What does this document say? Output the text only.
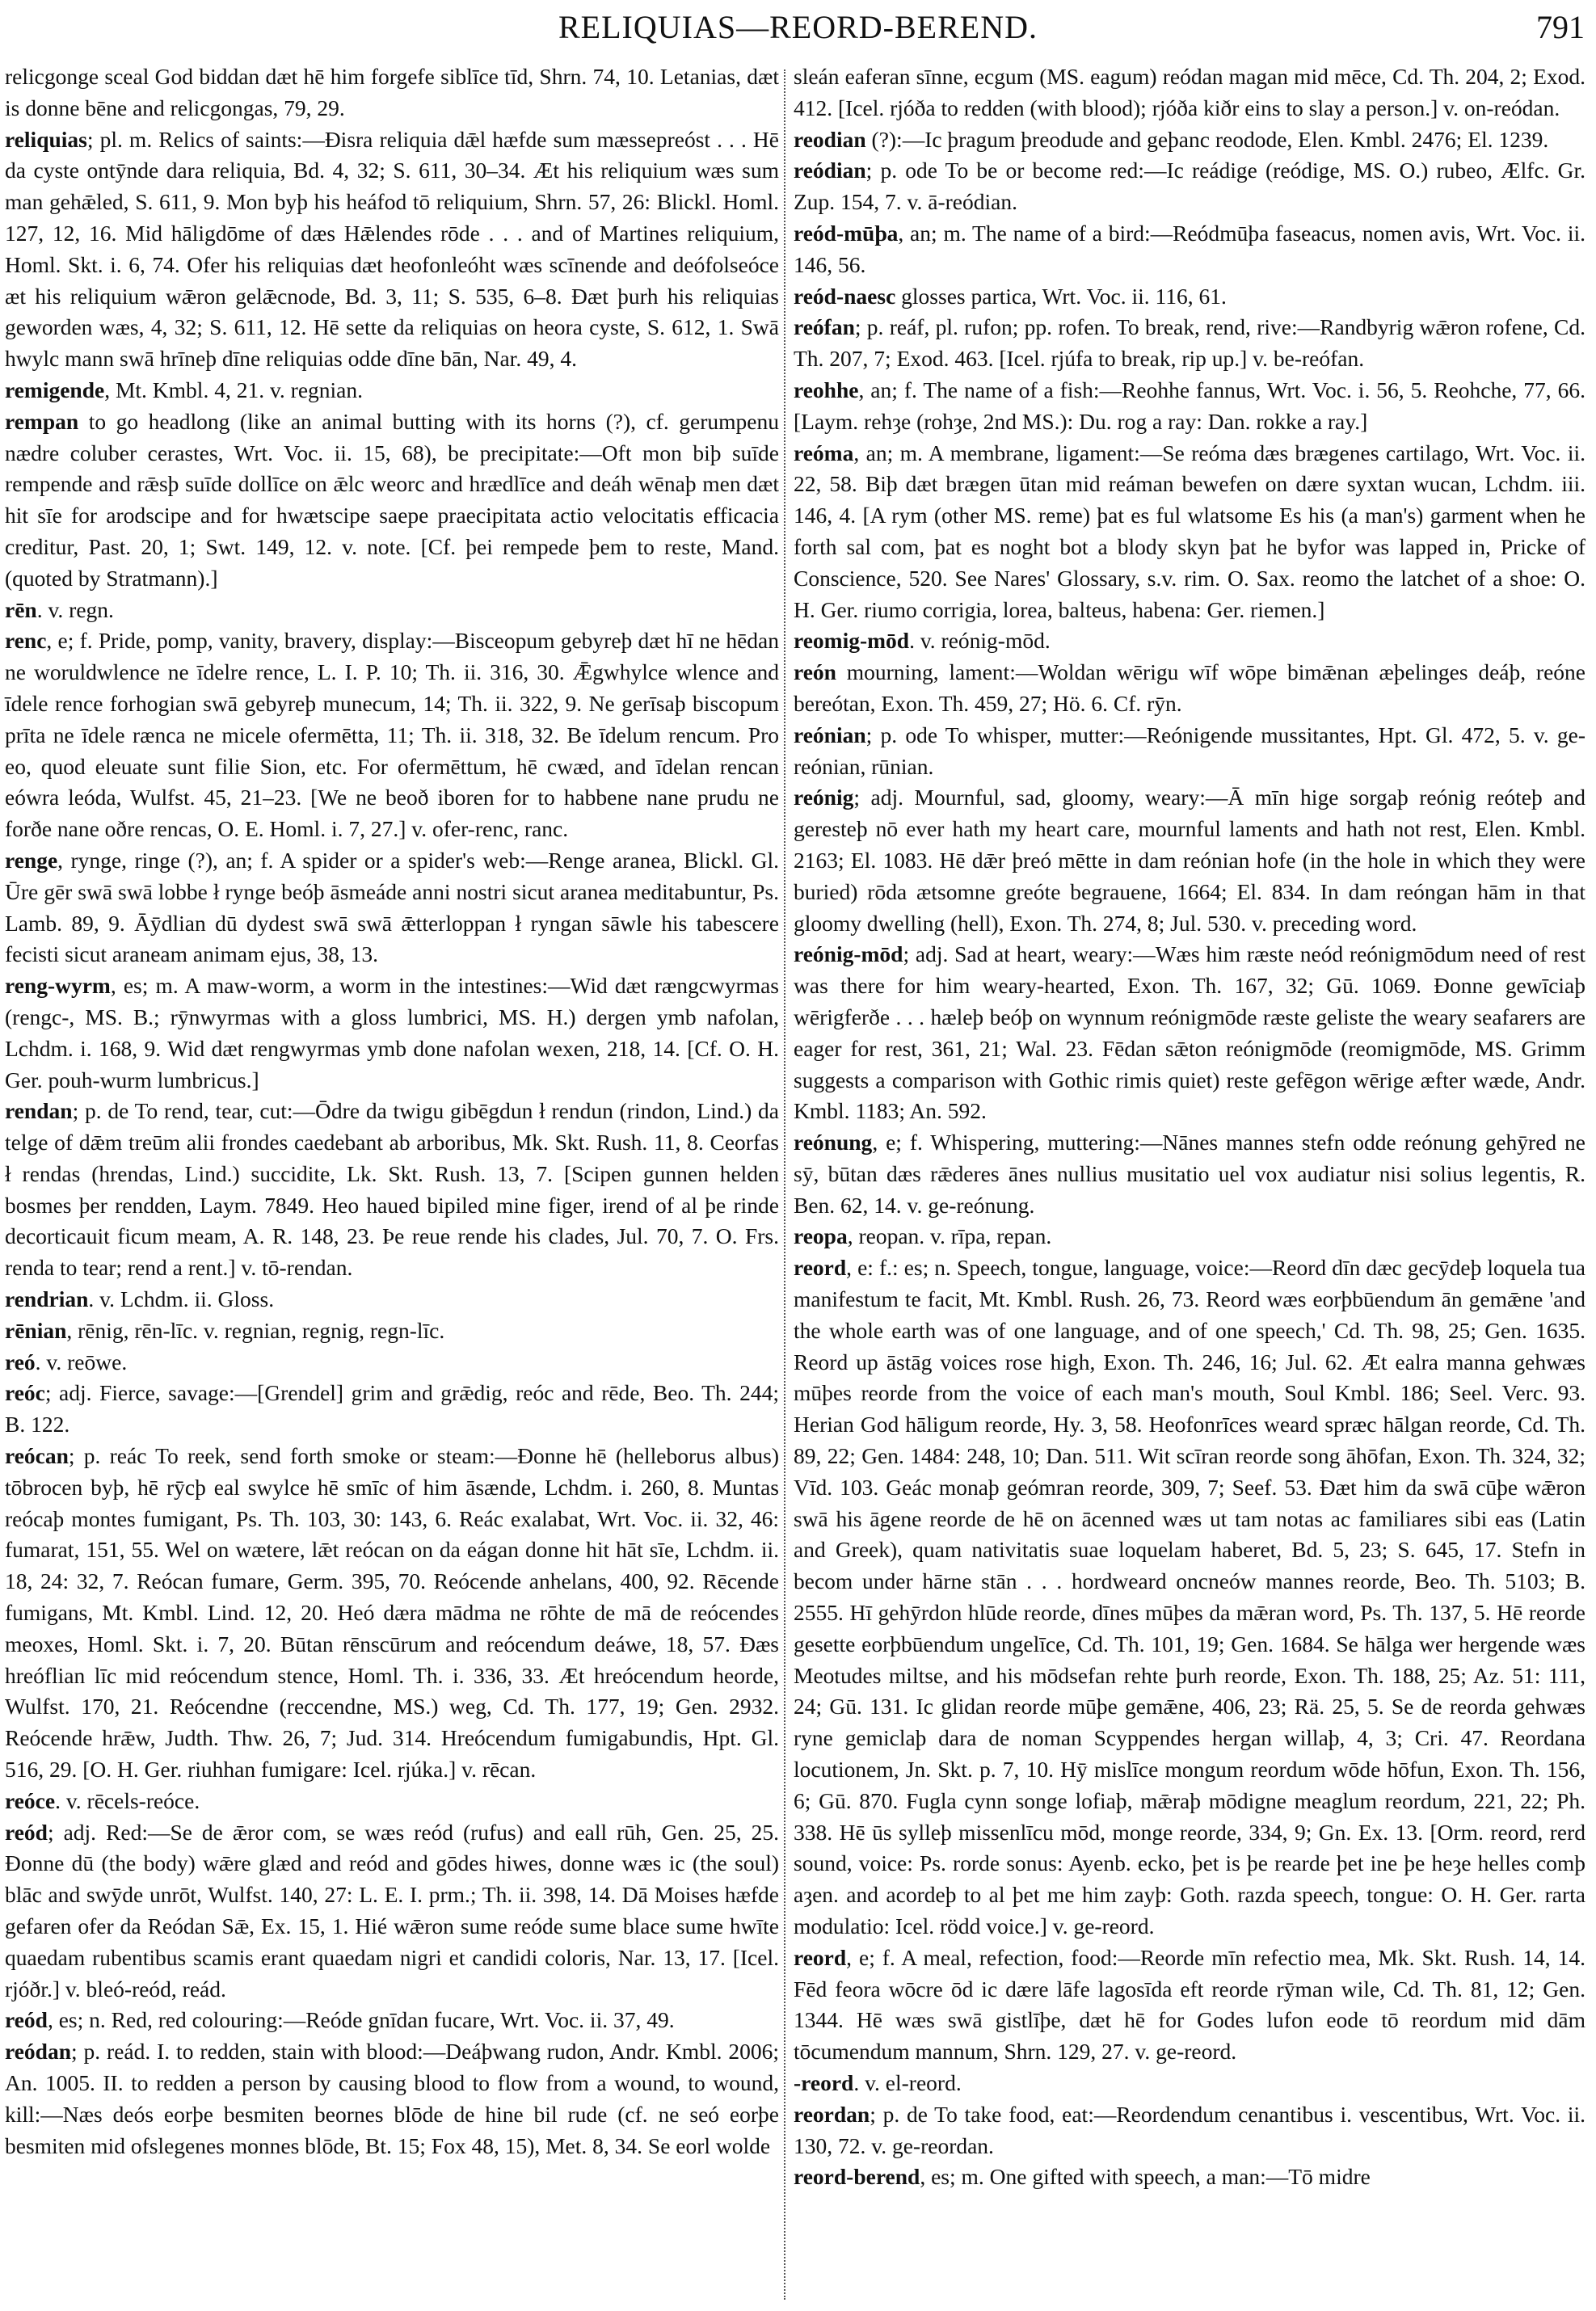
RELIQUIAS—REORD-BEREND.	791

relicgonge sceal God biddan dæt hē him forgefe siblīce tīd, Shrn. 74, 10. Letanias, dæt is donne bēne and relicgongas, 79, 29.

reliquias; pl. m. Relics of saints:—Ðisra reliquia dǣl hæfde sum mæssepreóst . . . Hē da cyste ontȳnde dara reliquia, Bd. 4, 32; S. 611, 30–34. Æt his reliquium wæs sum man gehǣled, S. 611, 9. Mon byþ his heáfod tō reliquium, Shrn. 57, 26: Blickl. Homl. 127, 12, 16. Mid hāligdōme of dæs Hǣlendes rōde . . . and of Martines reliquium, Homl. Skt. i. 6, 74. Ofer his reliquias dæt heofonleóht wæs scīnende and deófolseóce æt his reliquium wǣron gelǣcnode, Bd. 3, 11; S. 535, 6–8. Ðæt þurh his reliquias geworden wæs, 4, 32; S. 611, 12. Hē sette da reliquias on heora cyste, S. 612, 1. Swā hwylc mann swā hrīneþ dīne reliquias odde dīne bān, Nar. 49, 4.

remigende, Mt. Kmbl. 4, 21. v. regnian.

rempan to go headlong (like an animal butting with its horns (?), cf. gerumpenu nædre coluber cerastes, Wrt. Voc. ii. 15, 68), be precipitate:—Oft mon biþ suīde rempende and rǣsþ suīde dollīce on ǣlc weorc and hrædlīce and deáh wēnaþ men dæt hit sīe for arodscipe and for hwætscipe saepe praecipitata actio velocitatis efficacia creditur, Past. 20, 1; Swt. 149, 12. v. note. [Cf. þei rempede þem to reste, Mand. (quoted by Stratmann).]

rēn. v. regn.

renc, e; f. Pride, pomp, vanity, bravery, display:—Bisceopum gebyreþ dæt hī ne hēdan ne woruldwlence ne īdelre rence, L. I. P. 10; Th. ii. 316, 30. Ǣgwhylce wlence and īdele rence forhogian swā gebyreþ munecum, 14; Th. ii. 322, 9. Ne gerīsaþ biscopum prīta ne īdele rænca ne micele ofermētta, 11; Th. ii. 318, 32. Be īdelum rencum. Pro eo, quod eleuate sunt filie Sion, etc. For ofermēttum, hē cwæd, and īdelan rencan eówra leóda, Wulfst. 45, 21–23. [We ne beoð iboren for to habbene nane prudu ne forðe nane oðre rencas, O. E. Homl. i. 7, 27.] v. ofer-renc, ranc.

renge, rynge, ringe (?), an; f. A spider or a spider's web:—Renge aranea, Blickl. Gl. Ūre gēr swā swā lobbe ł rynge beóþ āsmeáde anni nostri sicut aranea meditabuntur, Ps. Lamb. 89, 9. Āȳdlian dū dydest swā swā ǣtterloppan ł ryngan sāwle his tabescere fecisti sicut araneam animam ejus, 38, 13.

reng-wyrm, es; m. A maw-worm, a worm in the intestines:—Wid dæt rængcwyrmas (rengc-, MS. B.; rȳnwyrmas with a gloss lumbrici, MS. H.) dergen ymb nafolan, Lchdm. i. 168, 9. Wid dæt rengwyrmas ymb done nafolan wexen, 218, 14. [Cf. O. H. Ger. pouh-wurm lumbricus.]

rendan; p. de To rend, tear, cut:—Ōdre da twigu gibēgdun ł rendun (rindon, Lind.) da telge of dǣm treūm alii frondes caedebant ab arboribus, Mk. Skt. Rush. 11, 8. Ceorfas ł rendas (hrendas, Lind.) succidite, Lk. Skt. Rush. 13, 7. [Scipen gunnen helden bosmes þer rendden, Laym. 7849. Heo haued bipiled mine figer, irend of al þe rinde decorticauit ficum meam, A. R. 148, 23. Þe reue rende his clades, Jul. 70, 7. O. Frs. renda to tear; rend a rent.] v. tō-rendan.

rendrian. v. Lchdm. ii. Gloss.

rēnian, rēnig, rēn-līc. v. regnian, regnig, regn-līc.

reó. v. reōwe.

reóc; adj. Fierce, savage:—[Grendel] grim and grǣdig, reóc and rēde, Beo. Th. 244; B. 122.

reócan; p. reác To reek, send forth smoke or steam:—Ðonne hē (helleborus albus) tōbrocen byþ, hē rȳcþ eal swylce hē smīc of him āsænde, Lchdm. i. 260, 8. Muntas reócaþ montes fumigant, Ps. Th. 103, 30: 143, 6. Reác exalabat, Wrt. Voc. ii. 32, 46: fumarat, 151, 55. Wel on wætere, lǣt reócan on da eágan donne hit hāt sīe, Lchdm. ii. 18, 24: 32, 7. Reócan fumare, Germ. 395, 70. Reócende anhelans, 400, 92. Rēcende fumigans, Mt. Kmbl. Lind. 12, 20. Heó dæra mādma ne rōhte de mā de reócendes meoxes, Homl. Skt. i. 7, 20. Būtan rēnscūrum and reócendum deáwe, 18, 57. Ðæs hreóflian līc mid reócendum stence, Homl. Th. i. 336, 33. Æt hreócendum heorde, Wulfst. 170, 21. Reócendne (reccendne, MS.) weg, Cd. Th. 177, 19; Gen. 2932. Reócende hrǣw, Judth. Thw. 26, 7; Jud. 314. Hreócendum fumigabundis, Hpt. Gl. 516, 29. [O. H. Ger. riuhhan fumigare: Icel. rjúka.] v. rēcan.

reóce. v. rēcels-reóce.

reód; adj. Red:—Se de ǣror com, se wæs reód (rufus) and eall rūh, Gen. 25, 25. Ðonne dū (the body) wǣre glæd and reód and gōdes hiwes, donne wæs ic (the soul) blāc and swȳde unrōt, Wulfst. 140, 27: L. E. I. prm.; Th. ii. 398, 14. Dā Moises hæfde gefaren ofer da Reódan Sǣ, Ex. 15, 1. Hié wǣron sume reóde sume blace sume hwīte quaedam rubentibus scamis erant quaedam nigri et candidi coloris, Nar. 13, 17. [Icel. rjóðr.] v. bleó-reód, reád.

reód, es; n. Red, red colouring:—Reóde gnīdan fucare, Wrt. Voc. ii. 37, 49.

reódan; p. reád. I. to redden, stain with blood:—Deáþwang rudon, Andr. Kmbl. 2006; An. 1005. II. to redden a person by causing blood to flow from a wound, to wound, kill:—Næs deós eorþe besmiten beornes blōde de hine bil rude (cf. ne seó eorþe besmiten mid ofslegenes monnes blōde, Bt. 15; Fox 48, 15), Met. 8, 34. Se eorl wolde

sleán eaferan sīnne, ecgum (MS. eagum) reódan magan mid mēce, Cd. Th. 204, 2; Exod. 412. [Icel. rjóða to redden (with blood); rjóða kiðr eins to slay a person.] v. on-reódan.

reodian (?):—Ic þragum þreodude and geþanc reodode, Elen. Kmbl. 2476; El. 1239.

reódian; p. ode To be or become red:—Ic reádige (reódige, MS. O.) rubeo, Ælfc. Gr. Zup. 154, 7. v. ā-reódian.

reód-mūþa, an; m. The name of a bird:—Reódmūþa faseacus, nomen avis, Wrt. Voc. ii. 146, 56.

reód-naesc glosses partica, Wrt. Voc. ii. 116, 61.

reófan; p. reáf, pl. rufon; pp. rofen. To break, rend, rive:—Randbyrig wǣron rofene, Cd. Th. 207, 7; Exod. 463. [Icel. rjúfa to break, rip up.] v. be-reófan.

reohhe, an; f. The name of a fish:—Reohhe fannus, Wrt. Voc. i. 56, 5. Reohche, 77, 66. [Laym. rehȝe (rohȝe, 2nd MS.): Du. rog a ray: Dan. rokke a ray.]

reóma, an; m. A membrane, ligament:—Se reóma dæs brægenes cartilago, Wrt. Voc. ii. 22, 58. Biþ dæt brægen ūtan mid reáman bewefen on dære syxtan wucan, Lchdm. iii. 146, 4. [A rym (other MS. reme) þat es ful wlatsome Es his (a man's) garment when he forth sal com, þat es noght bot a blody skyn þat he byfor was lapped in, Pricke of Conscience, 520. See Nares' Glossary, s.v. rim. O. Sax. reomo the latchet of a shoe: O. H. Ger. riumo corrigia, lorea, balteus, habena: Ger. riemen.]

reomig-mōd. v. reónig-mōd.

reón mourning, lament:—Woldan wērigu wīf wōpe bimǣnan æþelinges deáþ, reóne bereótan, Exon. Th. 459, 27; Hö. 6. Cf. rȳn.

reónian; p. ode To whisper, mutter:—Reónigende mussitantes, Hpt. Gl. 472, 5. v. ge-reónian, rūnian.

reónig; adj. Mournful, sad, gloomy, weary:—Ā mīn hige sorgaþ reónig reóteþ and geresteþ nō ever hath my heart care, mournful laments and hath not rest, Elen. Kmbl. 2163; El. 1083. Hē dǣr þreó mētte in dam reónian hofe (in the hole in which they were buried) rōda ætsomne greóte begrauene, 1664; El. 834. In dam reóngan hām in that gloomy dwelling (hell), Exon. Th. 274, 8; Jul. 530. v. preceding word.

reónig-mōd; adj. Sad at heart, weary:—Wæs him ræste neód reónigmōdum need of rest was there for him weary-hearted, Exon. Th. 167, 32; Gū. 1069. Ðonne gewīciaþ wērigferðe . . . hæleþ beóþ on wynnum reónigmōde ræste geliste the weary seafarers are eager for rest, 361, 21; Wal. 23. Fēdan sǣton reónigmōde (reomigmōde, MS. Grimm suggests a comparison with Gothic rimis quiet) reste gefēgon wērige æfter wæde, Andr. Kmbl. 1183; An. 592.

reónung, e; f. Whispering, muttering:—Nānes mannes stefn odde reónung gehȳred ne sȳ, būtan dæs rǣderes ānes nullius musitatio uel vox audiatur nisi solius legentis, R. Ben. 62, 14. v. ge-reónung.

reopa, reopan. v. rīpa, repan.

reord, e: f.: es; n. Speech, tongue, language, voice:—Reord dīn dæc gecȳdeþ loquela tua manifestum te facit, Mt. Kmbl. Rush. 26, 73. Reord wæs eorþbūendum ān gemǣne 'and the whole earth was of one language, and of one speech,' Cd. Th. 98, 25; Gen. 1635. Reord up āstāg voices rose high, Exon. Th. 246, 16; Jul. 62. Æt ealra manna gehwæs mūþes reorde from the voice of each man's mouth, Soul Kmbl. 186; Seel. Verc. 93. Herian God hāligum reorde, Hy. 3, 58. Heofonrīces weard spræc hālgan reorde, Cd. Th. 89, 22; Gen. 1484: 248, 10; Dan. 511. Wit scīran reorde song āhōfan, Exon. Th. 324, 32; Vīd. 103. Geác monaþ geómran reorde, 309, 7; Seef. 53. Ðæt him da swā cūþe wǣron swā his āgene reorde de hē on ācenned wæs ut tam notas ac familiares sibi eas (Latin and Greek), quam nativitatis suae loquelam haberet, Bd. 5, 23; S. 645, 17. Stefn in becom under hārne stān . . . hordweard oncneów mannes reorde, Beo. Th. 5103; B. 2555. Hī gehȳrdon hlūde reorde, dīnes mūþes da mǣran word, Ps. Th. 137, 5. Hē reorde gesette eorþbūendum ungelīce, Cd. Th. 101, 19; Gen. 1684. Se hālga wer hergende wæs Meotudes miltse, and his mōdsefan rehte þurh reorde, Exon. Th. 188, 25; Az. 51: 111, 24; Gū. 131. Ic glidan reorde mūþe gemǣne, 406, 23; Rä. 25, 5. Se de reorda gehwæs ryne gemiclaþ dara de noman Scyppendes hergan willaþ, 4, 3; Cri. 47. Reordana locutionem, Jn. Skt. p. 7, 10. Hȳ mislīce mongum reordum wōde hōfun, Exon. Th. 156, 6; Gū. 870. Fugla cynn songe lofiaþ, mǣraþ mōdigne meaglum reordum, 221, 22; Ph. 338. Hē ūs sylleþ missenlīcu mōd, monge reorde, 334, 9; Gn. Ex. 13. [Orm. reord, rerd sound, voice: Ps. rorde sonus: Ayenb. ecko, þet is þe rearde þet ine þe heȝe helles comþ aȝen. and acordeþ to al þet me him zayþ: Goth. razda speech, tongue: O. H. Ger. rarta modulatio: Icel. rödd voice.] v. ge-reord.

reord, e; f. A meal, refection, food:—Reorde mīn refectio mea, Mk. Skt. Rush. 14, 14. Fēd feora wōcre ōd ic dære lāfe lagosīda eft reorde rȳman wile, Cd. Th. 81, 12; Gen. 1344. Hē wæs swā gistlīþe, dæt hē for Godes lufon eode tō reordum mid dām tōcumendum mannum, Shrn. 129, 27. v. ge-reord.

-reord. v. el-reord.

reordan; p. de To take food, eat:—Reordendum cenantibus i. vescentibus, Wrt. Voc. ii. 130, 72. v. ge-reordan.

reord-berend, es; m. One gifted with speech, a man:—Tō midre
